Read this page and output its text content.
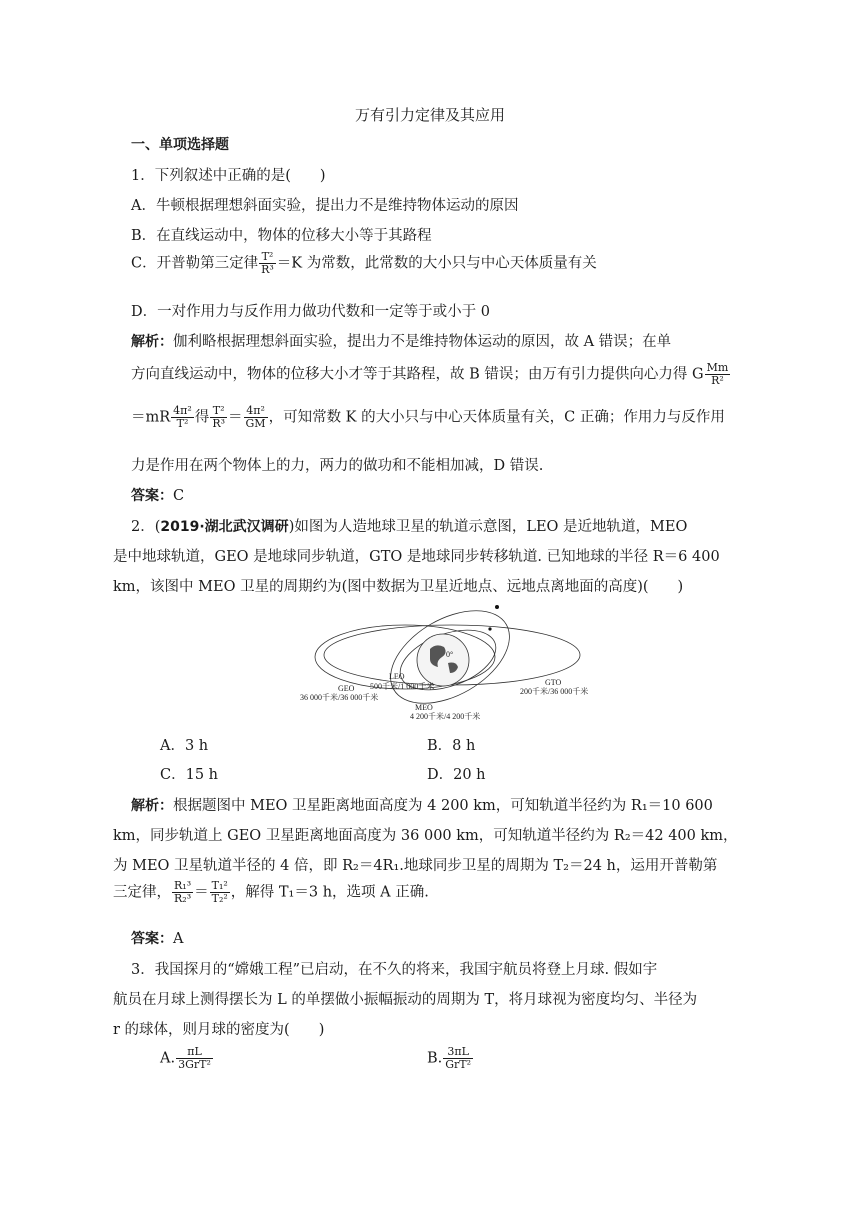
万有引力定律及其应用
一、单项选择题
1．下列叙述中正确的是(　　)
A．牛顿根据理想斜面实验，提出力不是维持物体运动的原因
B．在直线运动中，物体的位移大小等于其路程
C．开普勒第三定律 $\frac{\text{T²}}{\text{R³}} =K$ 为常数，此常数的大小只与中心天体质量有关
D．一对作用力与反作用力做功代数和一定等于或小于 0
解析：伽利略根据理想斜面实验，提出力不是维持物体运动的原因，故 A 错误；在单
方向直线运动中，物体的位移大小才等于其路程，故 B 错误；由万有引力提供向心力得 G $\frac{Mm}{\text{R²}}$
$=mR \frac{\text{4π²}}{\text{T²}}$ 得 $\frac{\text{T²}}{\text{R³}} = \frac{\text{4π²}}{GM}$ ，可知常数 K 的大小只与中心天体质量有关，C 正确；作用力与反作用
力是作用在两个物体上的力，两力的做功和不能相加减，D 错误.
答案：C
2．(2019·湖北武汉调研)如图为人造地球卫星的轨道示意图，LEO 是近地轨道，MEO
是中地球轨道，GEO 是地球同步轨道，GTO 是地球同步转移轨道. 已知地球的半径 R＝6 400
km，该图中 MEO 卫星的周期约为(图中数据为卫星近地点、远地点离地面的高度)(　　)
0°
GEO
36 000千米/36 000千米
LEO
500千米/1 000千米
MEO
4 200千米/4 200千米
GTO
200千米/36 000千米
A．3 h	B．8 h
C．15 h	D．20 h
解析：根据题图中 MEO 卫星距离地面高度为 4 200 km，可知轨道半径约为 R₁＝10 600
km，同步轨道上 GEO 卫星距离地面高度为 36 000 km，可知轨道半径约为 R₂＝42 400 km，
为 MEO 卫星轨道半径的 4 倍，即 R₂＝4R₁.地球同步卫星的周期为 T₂＝24 h，运用开普勒第
三定律， $\frac{\text{R₁³}}{\text{R₂³}} = \frac{\text{T₁²}}{\text{T₂²}}$ ，解得 T₁＝3 h，选项 A 正确.
答案：A
3．我国探月的“嫦娥工程”已启动，在不久的将来，我国宇航员将登上月球. 假如宇
航员在月球上测得摆长为 L 的单摆做小振幅振动的周期为 T，将月球视为密度均匀、半径为
r 的球体，则月球的密度为(　　)
A. $\frac{\pi L}{\text{3GrT²}}$	B. $\frac{3\pi L}{\text{GrT²}}$
